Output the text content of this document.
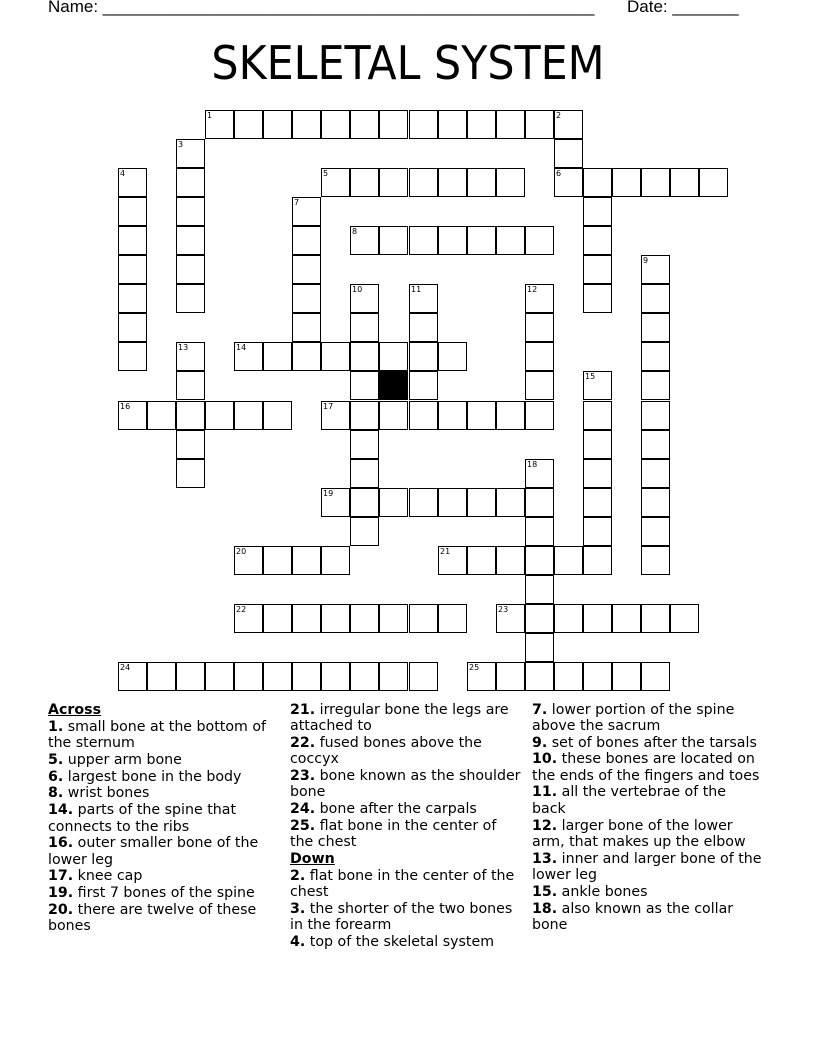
Name: ____________________________________________________ Date: _______
SKELETAL SYSTEM
1	2
3
4	5	6
7
8
9
10	11	12
13	14
15
16	17
18
19
20	21
22	23
24	25
Across
1. small bone at the bottom of the sternum
5. upper arm bone
6. largest bone in the body
8. wrist bones
14. parts of the spine that connects to the ribs
16. outer smaller bone of the lower leg
17. knee cap
19. first 7 bones of the spine
20. there are twelve of these bones
21. irregular bone the legs are attached to
22. fused bones above the coccyx
23. bone known as the shoulder bone
24. bone after the carpals
25. flat bone in the center of the chest
Down
2. flat bone in the center of the chest
3. the shorter of the two bones in the forearm
4. top of the skeletal system
7. lower portion of the spine above the sacrum
9. set of bones after the tarsals
10. these bones are located on the ends of the fingers and toes
11. all the vertebrae of the back
12. larger bone of the lower arm, that makes up the elbow
13. inner and larger bone of the lower leg
15. ankle bones
18. also known as the collar bone
